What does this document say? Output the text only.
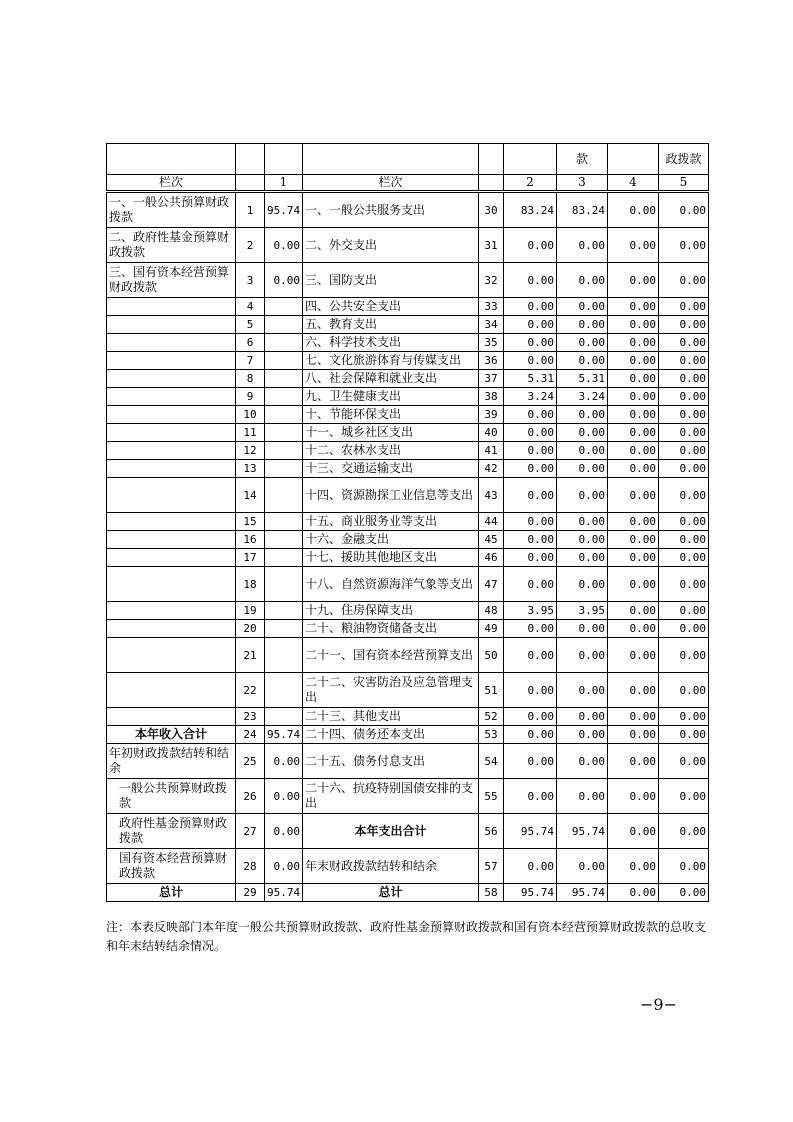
						款		政拨款
栏次		1	栏次		2	3	4	5
一、一般公共预算财政拨款	1	95.74	一、一般公共服务支出	30	83.24	83.24	0.00	0.00
二、政府性基金预算财政拨款	2	0.00	二、外交支出	31	0.00	0.00	0.00	0.00
三、国有资本经营预算财政拨款	3	0.00	三、国防支出	32	0.00	0.00	0.00	0.00
	4		四、公共安全支出	33	0.00	0.00	0.00	0.00
	5		五、教育支出	34	0.00	0.00	0.00	0.00
	6		六、科学技术支出	35	0.00	0.00	0.00	0.00
	7		七、文化旅游体育与传媒支出	36	0.00	0.00	0.00	0.00
	8		八、社会保障和就业支出	37	5.31	5.31	0.00	0.00
	9		九、卫生健康支出	38	3.24	3.24	0.00	0.00
	10		十、节能环保支出	39	0.00	0.00	0.00	0.00
	11		十一、城乡社区支出	40	0.00	0.00	0.00	0.00
	12		十二、农林水支出	41	0.00	0.00	0.00	0.00
	13		十三、交通运输支出	42	0.00	0.00	0.00	0.00
	14		十四、资源勘探工业信息等支出	43	0.00	0.00	0.00	0.00
	15		十五、商业服务业等支出	44	0.00	0.00	0.00	0.00
	16		十六、金融支出	45	0.00	0.00	0.00	0.00
	17		十七、援助其他地区支出	46	0.00	0.00	0.00	0.00
	18		十八、自然资源海洋气象等支出	47	0.00	0.00	0.00	0.00
	19		十九、住房保障支出	48	3.95	3.95	0.00	0.00
	20		二十、粮油物资储备支出	49	0.00	0.00	0.00	0.00
	21		二十一、国有资本经营预算支出	50	0.00	0.00	0.00	0.00
	22		二十二、灾害防治及应急管理支出	51	0.00	0.00	0.00	0.00
	23		二十三、其他支出	52	0.00	0.00	0.00	0.00
本年收入合计	24	95.74	二十四、债务还本支出	53	0.00	0.00	0.00	0.00
年初财政拨款结转和结余	25	0.00	二十五、债务付息支出	54	0.00	0.00	0.00	0.00
一般公共预算财政拨款	26	0.00	二十六、抗疫特别国债安排的支出	55	0.00	0.00	0.00	0.00
政府性基金预算财政拨款	27	0.00	本年支出合计	56	95.74	95.74	0.00	0.00
国有资本经营预算财政拨款	28	0.00	年末财政拨款结转和结余	57	0.00	0.00	0.00	0.00
总计	29	95.74	总计	58	95.74	95.74	0.00	0.00
注：本表反映部门本年度一般公共预算财政拨款、政府性基金预算财政拨款和国有资本经营预算财政拨款的总收支和年末结转结余情况。
−9−
